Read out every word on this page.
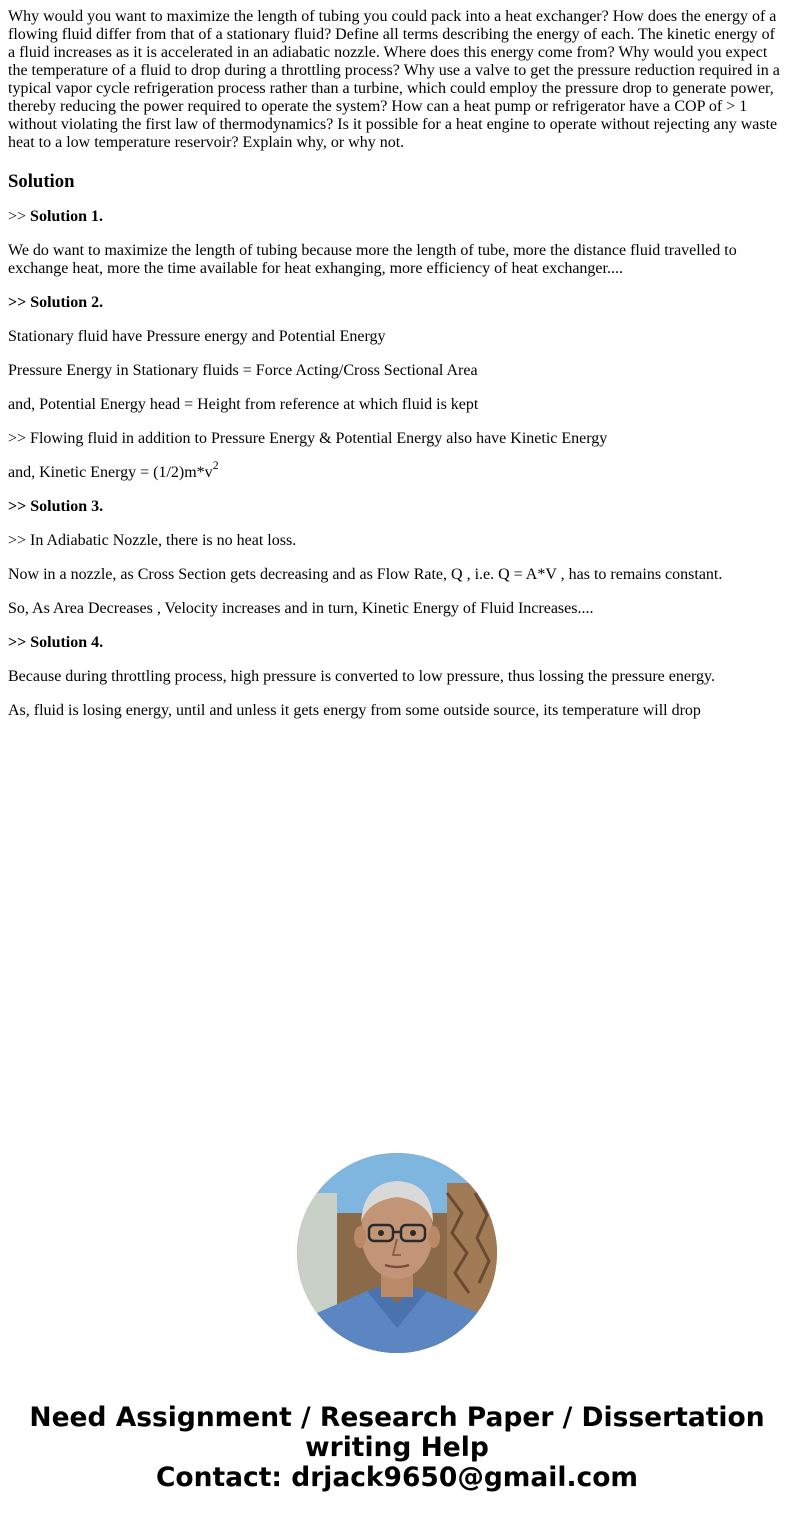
Why would you want to maximize the length of tubing you could pack into a heat exchanger? How does the energy of a flowing fluid differ from that of a stationary fluid? Define all terms describing the energy of each. The kinetic energy of a fluid increases as it is accelerated in an adiabatic nozzle. Where does this energy come from? Why would you expect the temperature of a fluid to drop during a throttling process? Why use a valve to get the pressure reduction required in a typical vapor cycle refrigeration process rather than a turbine, which could employ the pressure drop to generate power, thereby reducing the power required to operate the system? How can a heat pump or refrigerator have a COP of > 1 without violating the first law of thermodynamics? Is it possible for a heat engine to operate without rejecting any waste heat to a low temperature reservoir? Explain why, or why not.
Solution

>> Solution 1.

We do want to maximize the length of tubing because more the length of tube, more the distance fluid travelled to exchange heat, more the time available for heat exhanging, more efficiency of heat exchanger....

>> Solution 2.

Stationary fluid have Pressure energy and Potential Energy

Pressure Energy in Stationary fluids = Force Acting/Cross Sectional Area

and, Potential Energy head = Height from reference at which fluid is kept

>> Flowing fluid in addition to Pressure Energy & Potential Energy also have Kinetic Energy

and, Kinetic Energy = $(1/2)m*v^2$

>> Solution 3.

>> In Adiabatic Nozzle, there is no heat loss.

Now in a nozzle, as Cross Section gets decreasing and as Flow Rate, Q , i.e. Q = A*V , has to remains constant.

So, As Area Decreases , Velocity increases and in turn, Kinetic Energy of Fluid Increases....

>> Solution 4.

Because during throttling process, high pressure is converted to low pressure, thus lossing the pressure energy.

As, fluid is losing energy, until and unless it gets energy from some outside source, its temperature will drop

Need Assignment / Research Paper / Dissertation
writing Help
Contact: drjack9650@gmail.com
